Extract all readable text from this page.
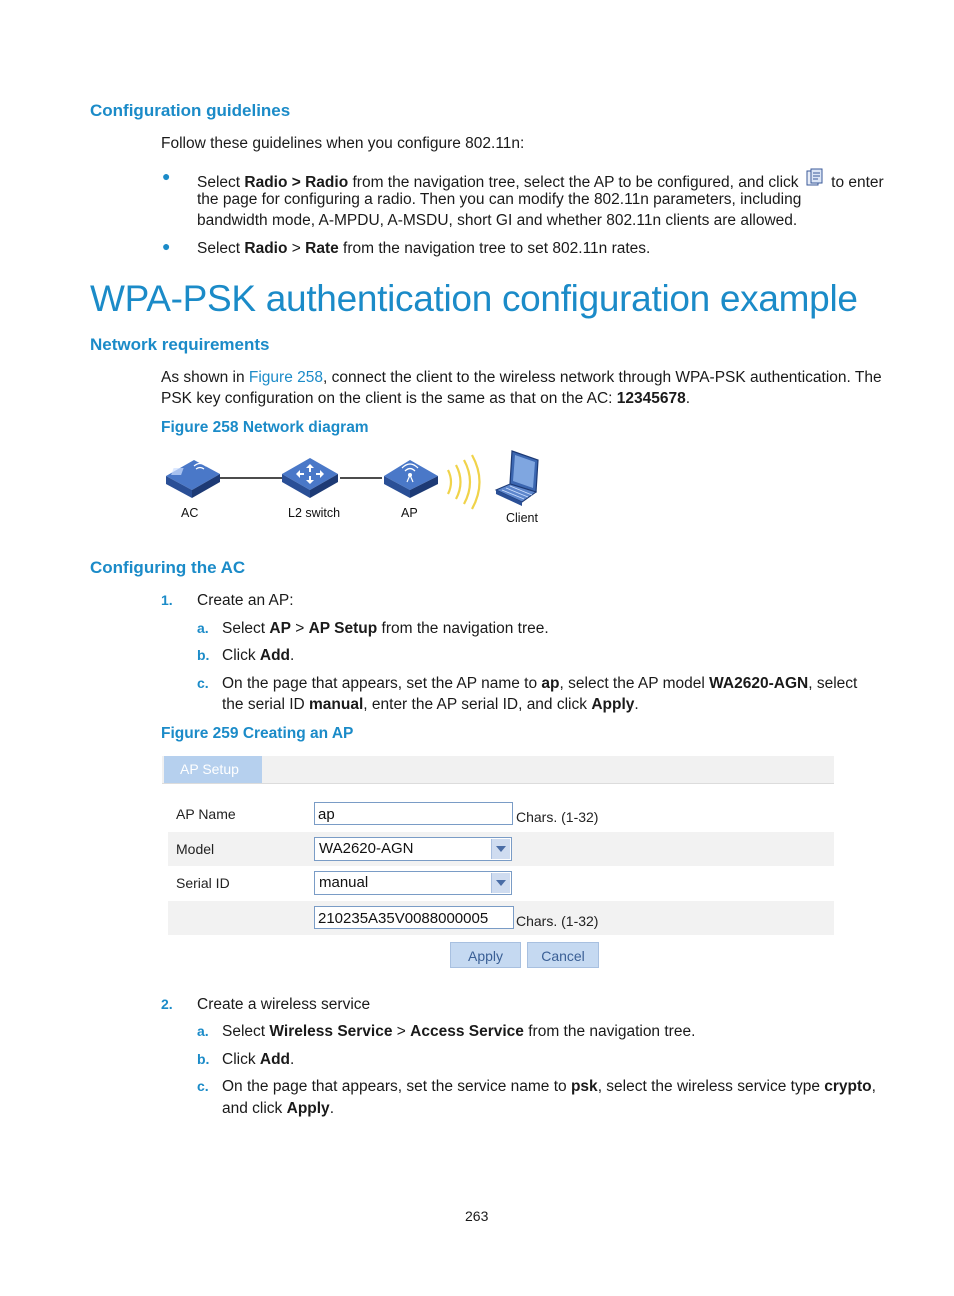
Configuration guidelines
Follow these guidelines when you configure 802.11n:
● Select Radio > Radio from the navigation tree, select the AP to be configured, and click  to enter
the page for configuring a radio. Then you can modify the 802.11n parameters, including
bandwidth mode, A-MPDU, A-MSDU, short GI and whether 802.11n clients are allowed.
● Select Radio > Rate from the navigation tree to set 802.11n rates.
WPA-PSK authentication configuration example
Network requirements
As shown in Figure 258, connect the client to the wireless network through WPA-PSK authentication. The
PSK key configuration on the client is the same as that on the AC: 12345678.
Figure 258 Network diagram
AC	L2 switch	AP	Client
Configuring the AC
1. Create an AP:
a. Select AP > AP Setup from the navigation tree.
b. Click Add.
c. On the page that appears, set the AP name to ap, select the AP model WA2620-AGN, select
the serial ID manual, enter the AP serial ID, and click Apply.
Figure 259 Creating an AP
AP Setup
AP Name	ap	Chars. (1-32)
Model	WA2620-AGN
Serial ID	manual
210235A35V0088000005	Chars. (1-32)
Apply	Cancel
2. Create a wireless service
a. Select Wireless Service > Access Service from the navigation tree.
b. Click Add.
c. On the page that appears, set the service name to psk, select the wireless service type crypto,
and click Apply.
263
